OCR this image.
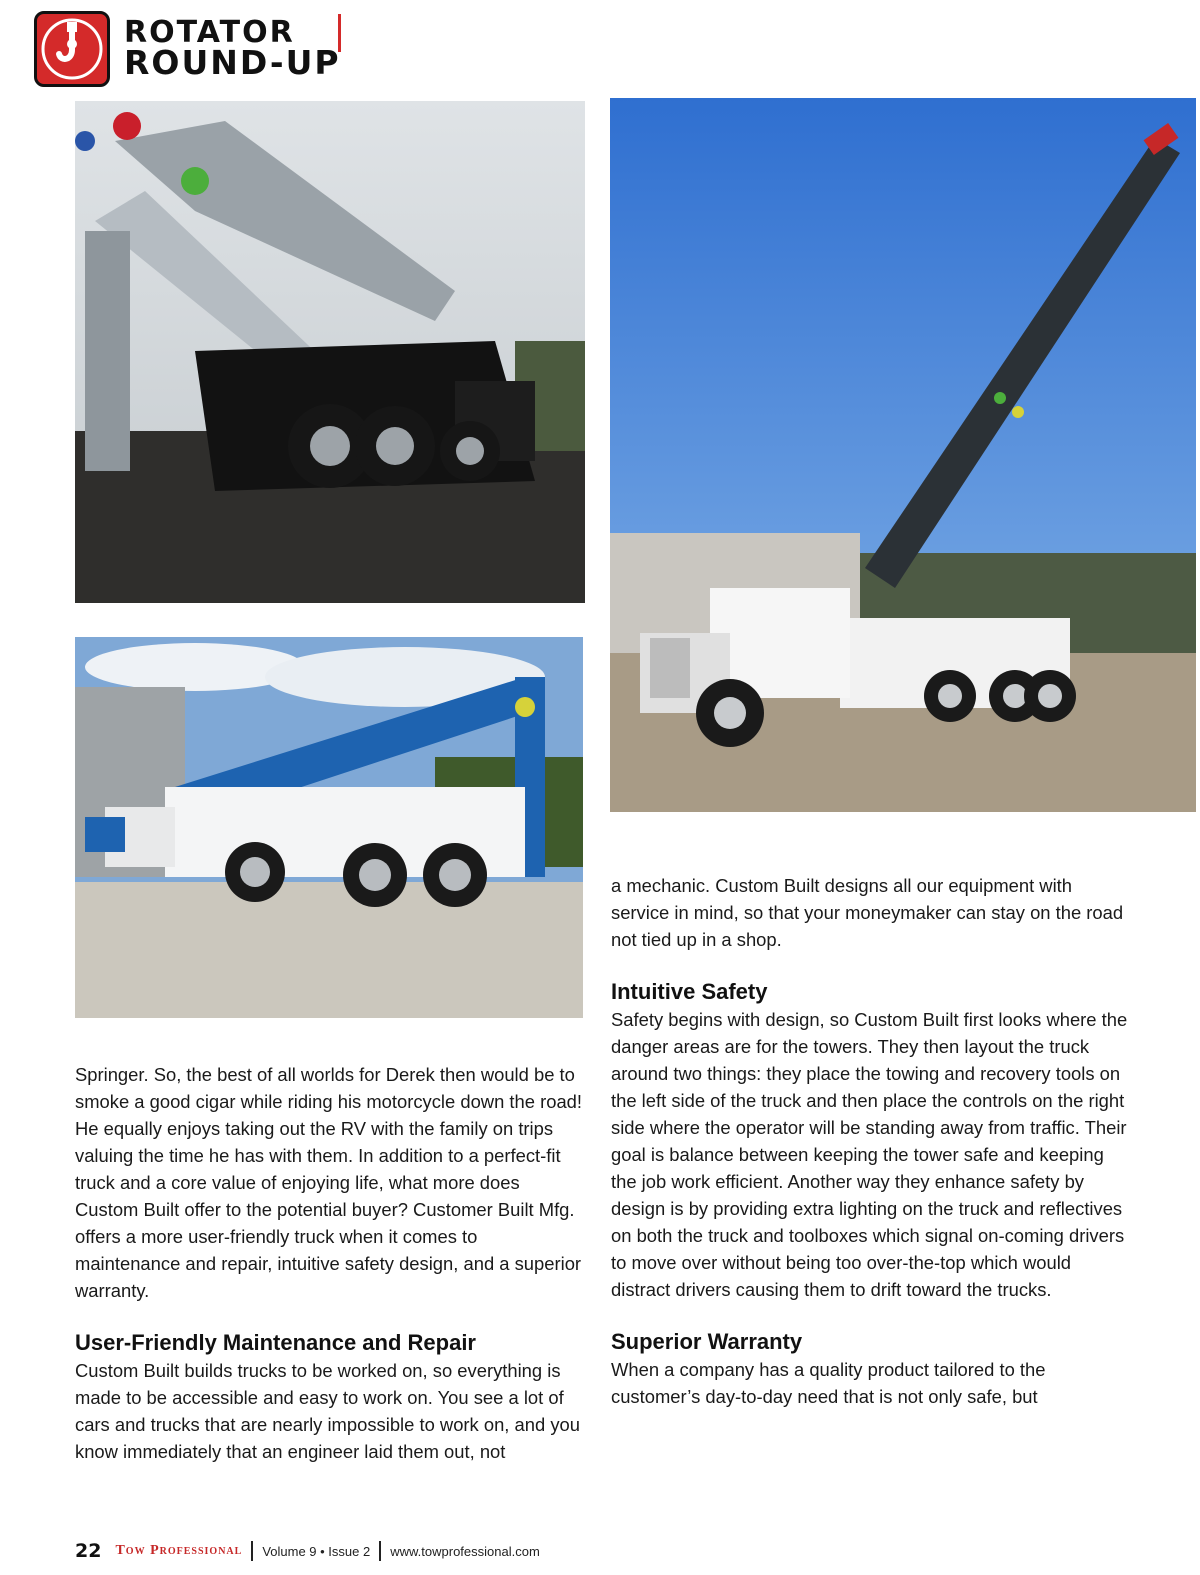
ROTATOR
ROUND-UP

Springer. So, the best of all worlds for Derek then would be to smoke a good cigar while riding his motorcycle down the road! He equally enjoys taking out the RV with the family on trips valuing the time he has with them. In addition to a perfect-fit truck and a core value of enjoying life, what more does Custom Built offer to the potential buyer? Customer Built Mfg. offers a more user-friendly truck when it comes to maintenance and repair, intuitive safety design, and a superior warranty.

User-Friendly Maintenance and Repair

Custom Built builds trucks to be worked on, so everything is made to be accessible and easy to work on. You see a lot of cars and trucks that are nearly impossible to work on, and you know immediately that an engineer laid them out, not

a mechanic. Custom Built designs all our equipment with service in mind, so that your moneymaker can stay on the road not tied up in a shop.

Intuitive Safety

Safety begins with design, so Custom Built first looks where the danger areas are for the towers. They then layout the truck around two things: they place the towing and recovery tools on the left side of the truck and then place the controls on the right side where the operator will be standing away from traffic. Their goal is balance between keeping the tower safe and keeping the job work efficient. Another way they enhance safety by design is by providing extra lighting on the truck and reflectives on both the truck and toolboxes which signal on-coming drivers to move over without being too over-the-top which would distract drivers causing them to drift toward the trucks.

Superior Warranty

When a company has a quality product tailored to the customer’s day-to-day need that is not only safe, but

22 Tow Professional Volume 9 • Issue 2 www.towprofessional.com
